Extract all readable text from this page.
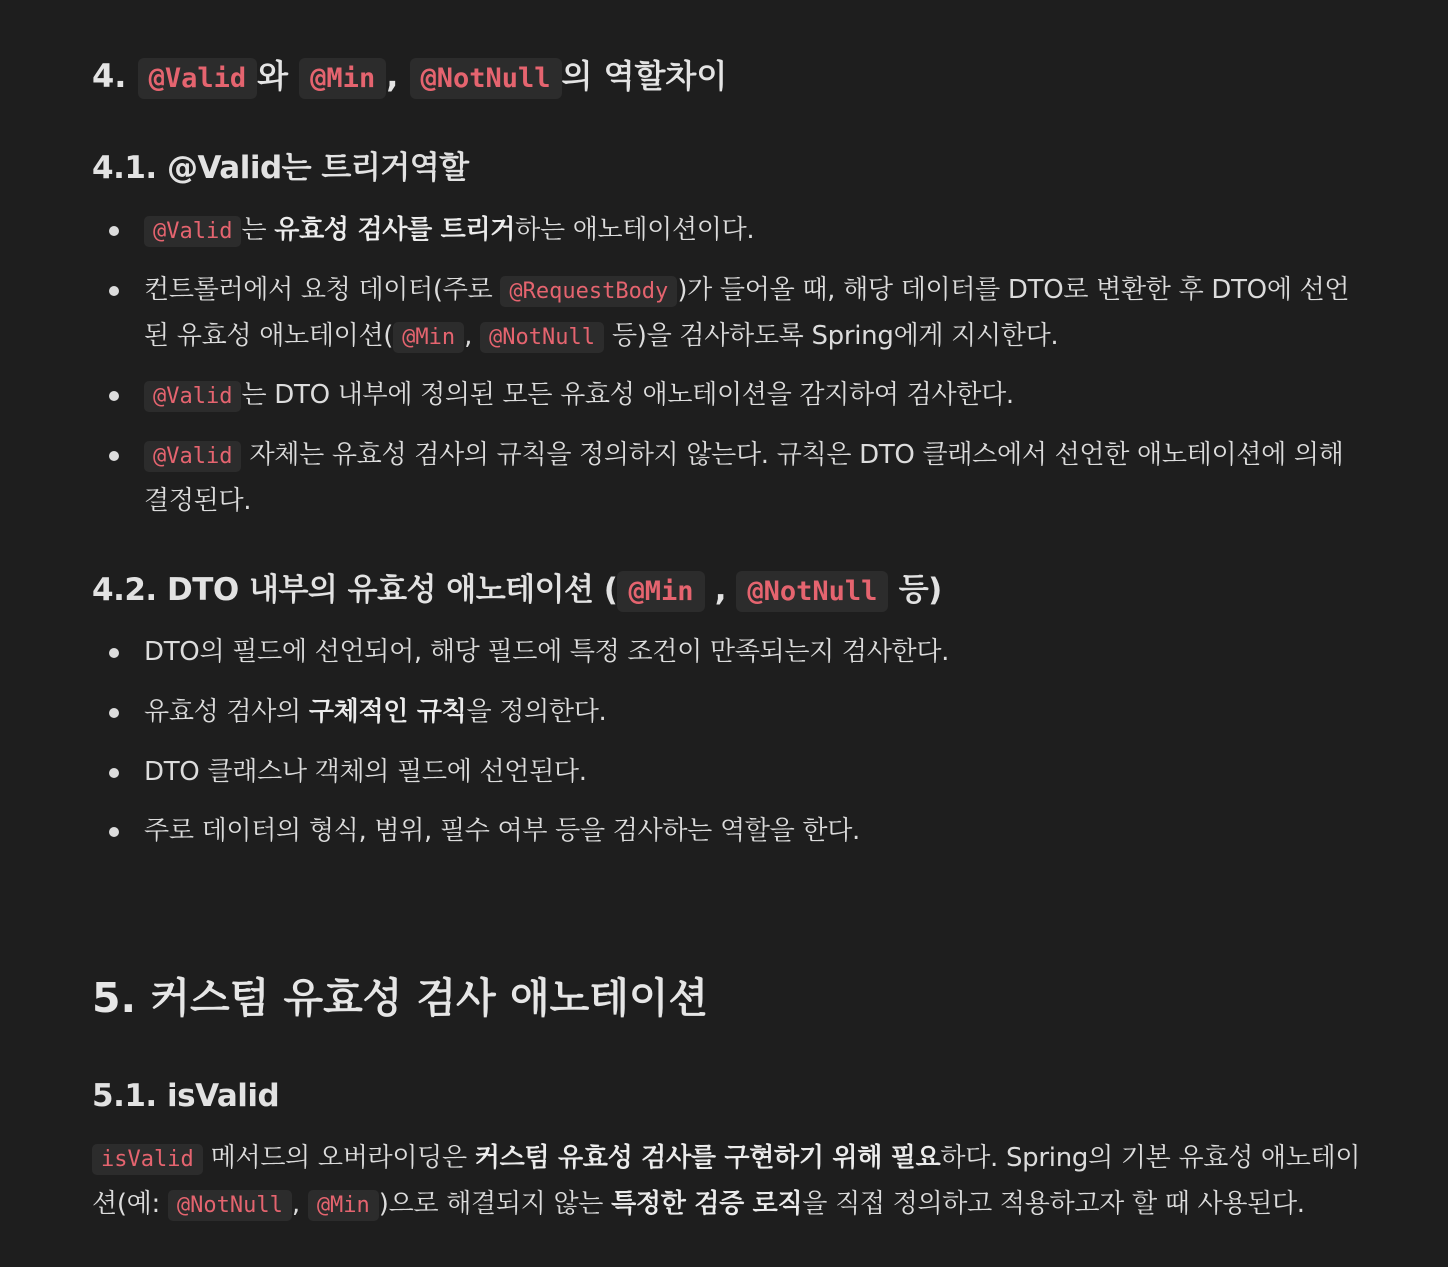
4. @Valid 와 @Min , @NotNull 의 역할차이
4.1. @Valid는 트리거역할
@Valid 는 유효성 검사를 트리거하는 애노테이션이다.
컨트롤러에서 요청 데이터(주로 @RequestBody )가 들어올 때, 해당 데이터를 DTO로 변환한 후 DTO에 선언된 유효성 애노테이션( @Min , @NotNull 등)을 검사하도록 Spring에게 지시한다.
@Valid 는 DTO 내부에 정의된 모든 유효성 애노테이션을 감지하여 검사한다.
@Valid 자체는 유효성 검사의 규칙을 정의하지 않는다. 규칙은 DTO 클래스에서 선언한 애노테이션에 의해 결정된다.
4.2. DTO 내부의 유효성 애노테이션 ( @Min , @NotNull 등)
DTO의 필드에 선언되어, 해당 필드에 특정 조건이 만족되는지 검사한다.
유효성 검사의 구체적인 규칙을 정의한다.
DTO 클래스나 객체의 필드에 선언된다.
주로 데이터의 형식, 범위, 필수 여부 등을 검사하는 역할을 한다.
5. 커스텀 유효성 검사 애노테이션
5.1. isValid
isValid 메서드의 오버라이딩은 커스텀 유효성 검사를 구현하기 위해 필요하다. Spring의 기본 유효성 애노테이션(예: @NotNull , @Min )으로 해결되지 않는 특정한 검증 로직을 직접 정의하고 적용하고자 할 때 사용된다.
